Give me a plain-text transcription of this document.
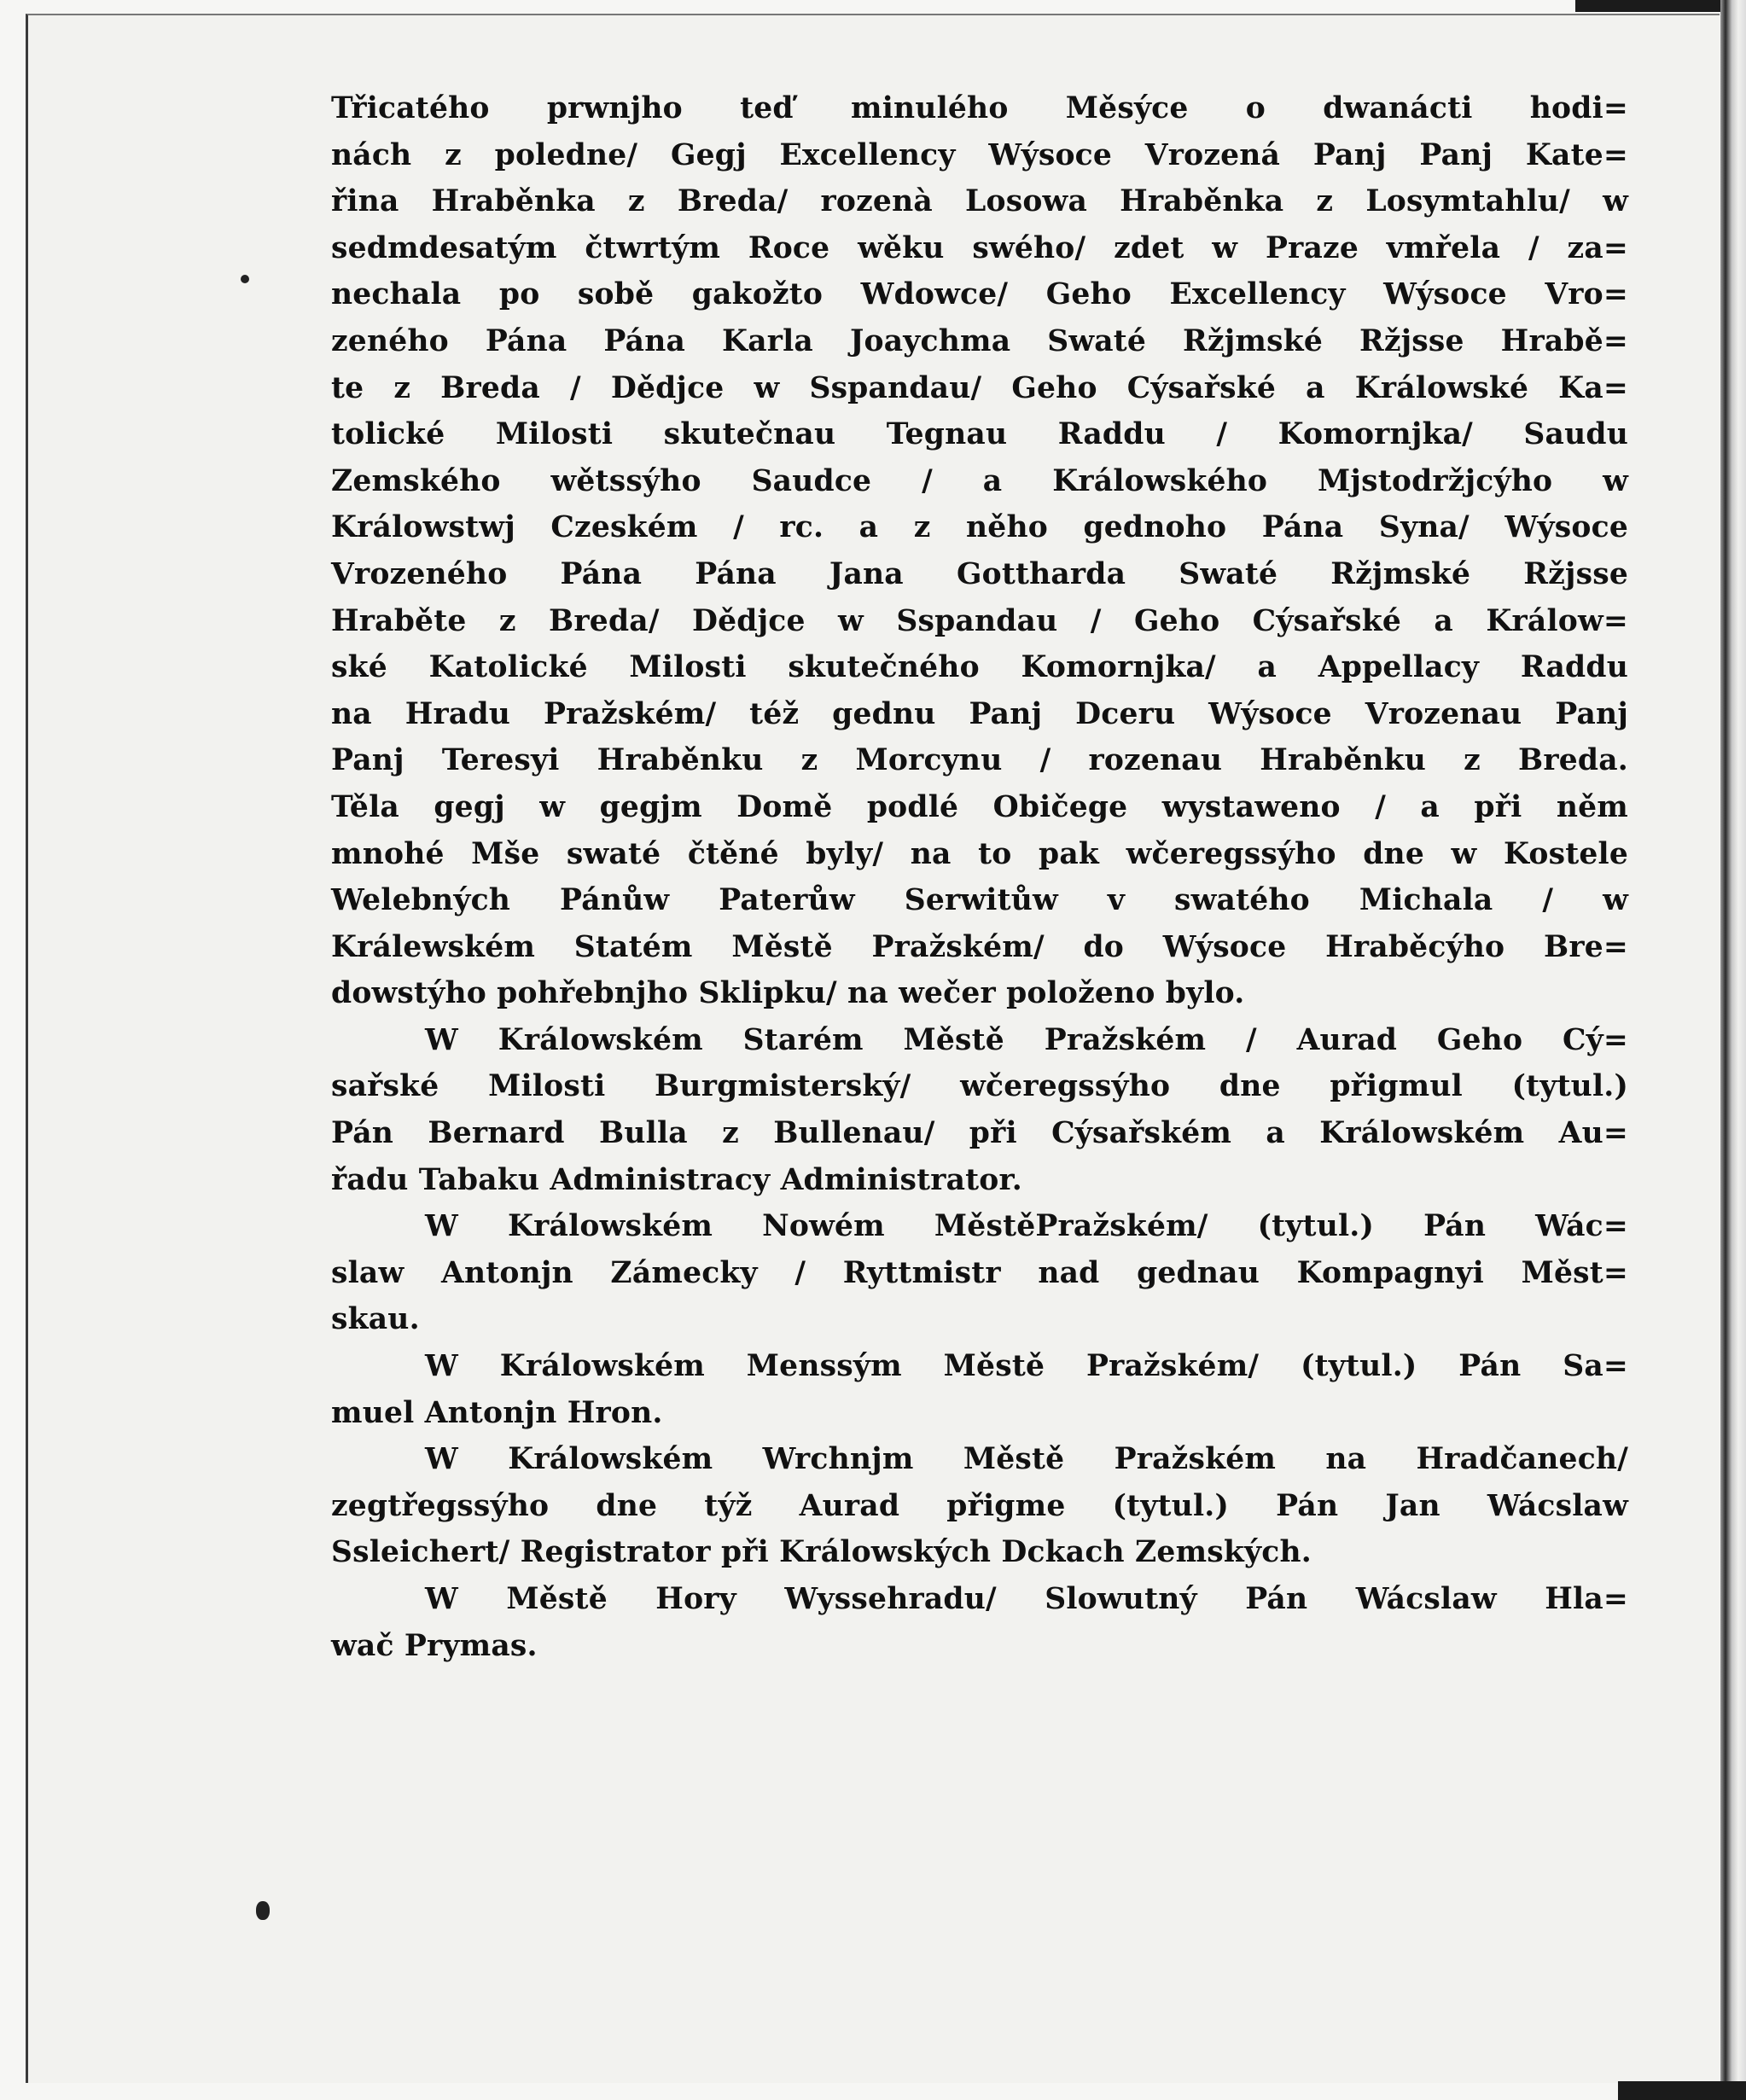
Třicatého prwnjho teď minulého Měsýce o dwanácti hodi=
nách z poledne/ Gegj Excellency Wýsoce Vrozená Panj Panj Kate=
řina Hraběnka z Breda/ rozenà Losowa Hraběnka z Losymtahlu/ w
sedmdesatým čtwrtým Roce wěku swého/ zdet w Praze vmřela / za=
nechala po sobě gakožto Wdowce/ Geho Excellency Wýsoce Vro=
zeného Pána Pána Karla Joaychma Swaté Ržjmské Ržjsse Hrabě=
te z Breda / Dědjce w Sspandau/ Geho Cýsařské a Králowské Ka=
tolické Milosti skutečnau Tegnau Raddu / Komornjka/ Saudu
Zemského wětssýho Saudce / a Králowského Mjstodržjcýho w
Králowstwj Czeském / rc. a z něho gednoho Pána Syna/ Wýsoce
Vrozeného Pána Pána Jana Gotthardа Swaté Ržjmské Ržjsse
Hraběte z Breda/ Dědjce w Sspandau / Geho Cýsařské a Králow=
ské Katolické Milosti skutečného Komornjka/ a Appellacy Raddu
na Hradu Pražském/ též gednu Panj Dceru Wýsoce Vrozenau Panj
Panj Teresyi Hraběnku z Morcynu / rozenau Hraběnku z Breda.
Těla gegj w gegjm Domě podlé Običege wystaweno / a při něm
mnohé Mše swaté čtěné byly/ na to pak wčeregssýho dne w Kostele
Welebných Pánůw Paterůw Serwitůw v swatého Michala / w
Králewském Statém Městě Pražském/ do Wýsoce Hraběcýho Bre=
dowstýho pohřebnjho Sklipku/ na wečer položeno bylo.
W Králowském Starém Městě Pražském / Aurad Geho Cý=
sařské Milosti Burgmisterský/ wčeregssýho dne přigmul (tytul.)
Pán Bernard Bulla z Bullenau/ při Cýsařském a Králowském Au=
řadu Tabaku Administracy Administrator.
W Králowském Nowém MěstěPražském/ (tytul.) Pán Wác=
slaw Antonjn Zámecky / Ryttmistr nad gednau Kompagnyi Měst=
skau.
W Králowském Menssým Městě Pražském/ (tytul.) Pán Sa=
muel Antonjn Hron.
W Králowském Wrchnjm Městě Pražském na Hradčanech/
zegtřegssýho dne týž Aurad přigme (tytul.) Pán Jan Wácslaw
Ssleichert/ Registrator při Králowských Dckach Zemských.
W Městě Hory Wyssehradu/ Slowutný Pán Wácslaw Hla=
wač Prymas.
